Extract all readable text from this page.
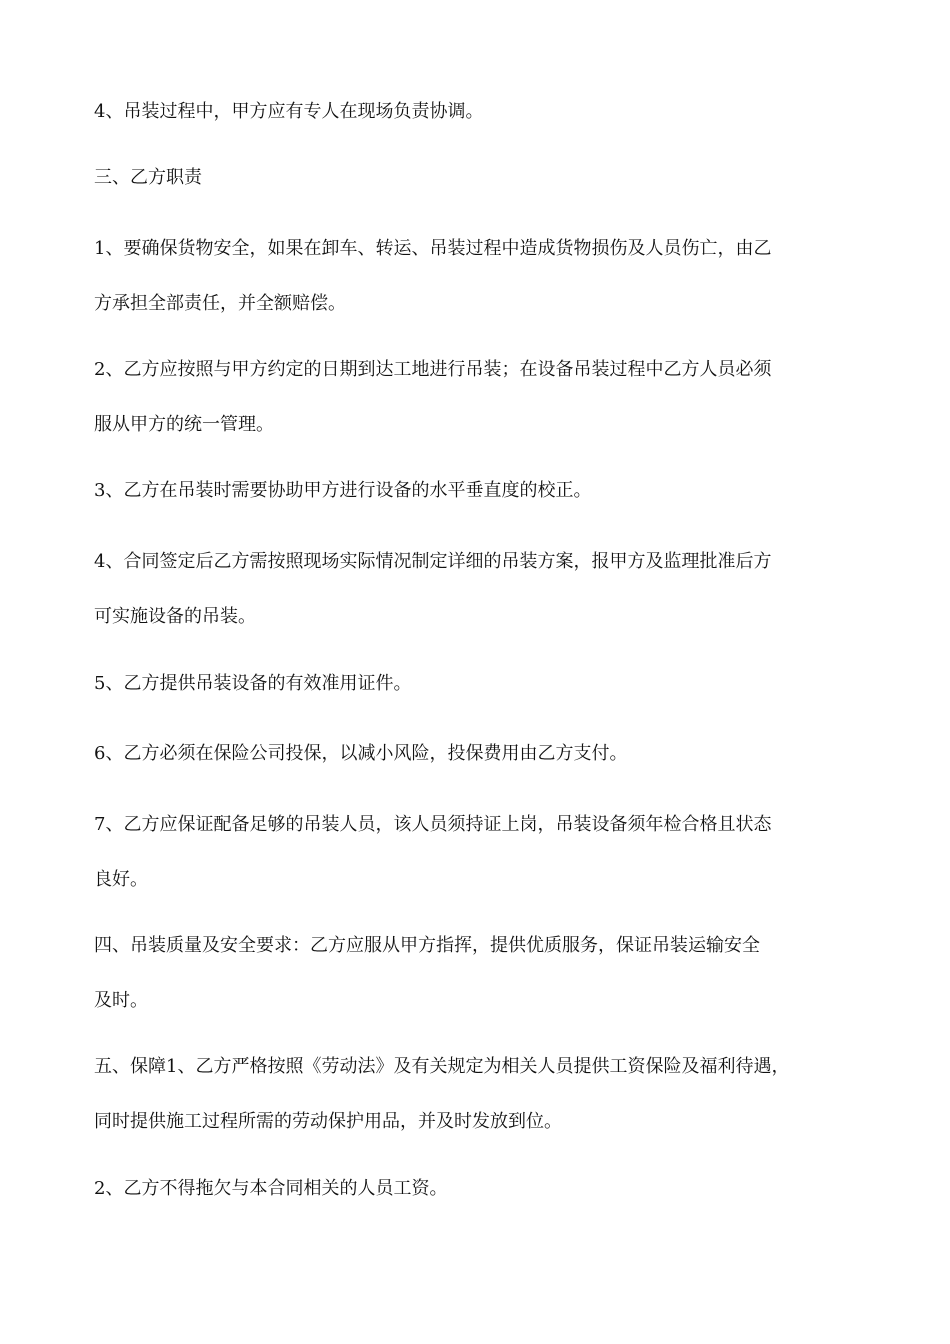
4、吊装过程中，甲方应有专人在现场负责协调。
三、乙方职责
1、要确保货物安全，如果在卸车、转运、吊装过程中造成货物损伤及人员伤亡，由乙
方承担全部责任，并全额赔偿。
2、乙方应按照与甲方约定的日期到达工地进行吊装；在设备吊装过程中乙方人员必须
服从甲方的统一管理。
3、乙方在吊装时需要协助甲方进行设备的水平垂直度的校正。
4、合同签定后乙方需按照现场实际情况制定详细的吊装方案，报甲方及监理批准后方
可实施设备的吊装。
5、乙方提供吊装设备的有效准用证件。
6、乙方必须在保险公司投保，以减小风险，投保费用由乙方支付。
7、乙方应保证配备足够的吊装人员，该人员须持证上岗，吊装设备须年检合格且状态
良好。
四、吊装质量及安全要求：乙方应服从甲方指挥，提供优质服务，保证吊装运输安全
及时。
五、保障1、乙方严格按照《劳动法》及有关规定为相关人员提供工资保险及福利待遇，
同时提供施工过程所需的劳动保护用品，并及时发放到位。
2、乙方不得拖欠与本合同相关的人员工资。
